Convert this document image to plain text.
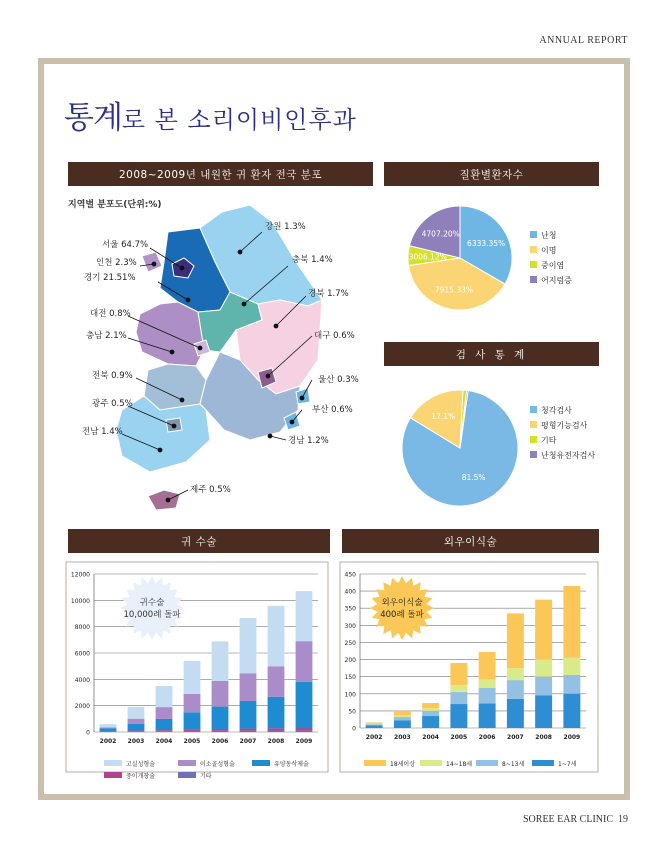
ANNUAL REPORT
통계로 본 소리이비인후과
2008~2009년 내원한 귀 환자 전국 분포	질환별환자수
검 사 통 계
귀 수술	외우이식술
지역별 분포도(단위:%)
강원 1.3%
서울 64.7%
인천 2.3%
경기 21.51%
충북 1.4%
경북 1.7%
대전 0.8%
충남 2.1%	대구 0.6%
전북 0.9%	울산 0.3%
광주 0.5%
부산 0.6%
전남 1.4%
경남 1.2%
제주 0.5%
6333.35%
난청
7915.33%
이명
3006.12%
중이염
4707.20%
어지럼증
81.5%
청각검사
17.1%
평형기능검사
기타
난청유전자검사
0
2000
4000
6000
8000
10000
12000
2002 2003 2004 2005 2006 2007 2008 2009
귀수술
10,000례 돌파
고실성형술	이소골성형술	유양동삭제술
중이개창술	기타
0
50
100
150
200
250
300
350
400
450
2002 2003 2004 2005 2006 2007 2008 2009
외우이식술
400례 돌파
18세이상	14~18세	8~13세	1~7세
SOREE EAR CLINIC 19
